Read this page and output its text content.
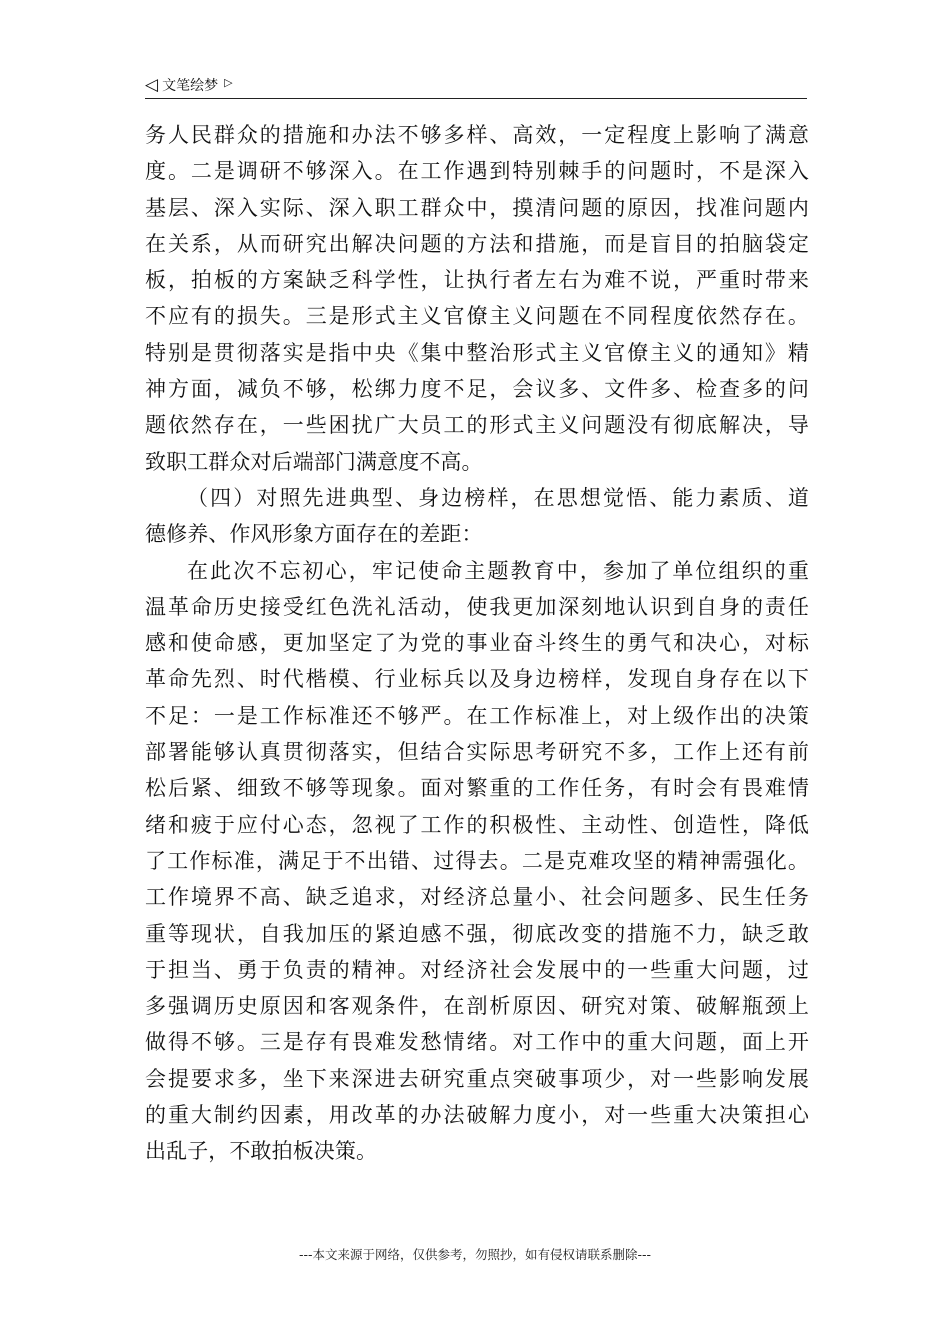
◁ 文笔绘梦 ▷
务人民群众的措施和办法不够多样、高效，一定程度上影响了满意
度。二是调研不够深入。在工作遇到特别棘手的问题时，不是深入
基层、深入实际、深入职工群众中，摸清问题的原因，找准问题内
在关系，从而研究出解决问题的方法和措施，而是盲目的拍脑袋定
板，拍板的方案缺乏科学性，让执行者左右为难不说，严重时带来
不应有的损失。三是形式主义官僚主义问题在不同程度依然存在。
特别是贯彻落实是指中央《集中整治形式主义官僚主义的通知》精
神方面，减负不够，松绑力度不足，会议多、文件多、检查多的问
题依然存在，一些困扰广大员工的形式主义问题没有彻底解决，导
致职工群众对后端部门满意度不高。
（四）对照先进典型、身边榜样，在思想觉悟、能力素质、道
德修养、作风形象方面存在的差距：
在此次不忘初心，牢记使命主题教育中，参加了单位组织的重
温革命历史接受红色洗礼活动，使我更加深刻地认识到自身的责任
感和使命感，更加坚定了为党的事业奋斗终生的勇气和决心，对标
革命先烈、时代楷模、行业标兵以及身边榜样，发现自身存在以下
不足：一是工作标准还不够严。在工作标准上，对上级作出的决策
部署能够认真贯彻落实，但结合实际思考研究不多，工作上还有前
松后紧、细致不够等现象。面对繁重的工作任务，有时会有畏难情
绪和疲于应付心态，忽视了工作的积极性、主动性、创造性，降低
了工作标准，满足于不出错、过得去。二是克难攻坚的精神需强化。
工作境界不高、缺乏追求，对经济总量小、社会问题多、民生任务
重等现状，自我加压的紧迫感不强，彻底改变的措施不力，缺乏敢
于担当、勇于负责的精神。对经济社会发展中的一些重大问题，过
多强调历史原因和客观条件，在剖析原因、研究对策、破解瓶颈上
做得不够。三是存有畏难发愁情绪。对工作中的重大问题，面上开
会提要求多，坐下来深进去研究重点突破事项少，对一些影响发展
的重大制约因素，用改革的办法破解力度小，对一些重大决策担心
出乱子，不敢拍板决策。
---本文来源于网络，仅供参考，勿照抄，如有侵权请联系删除---
